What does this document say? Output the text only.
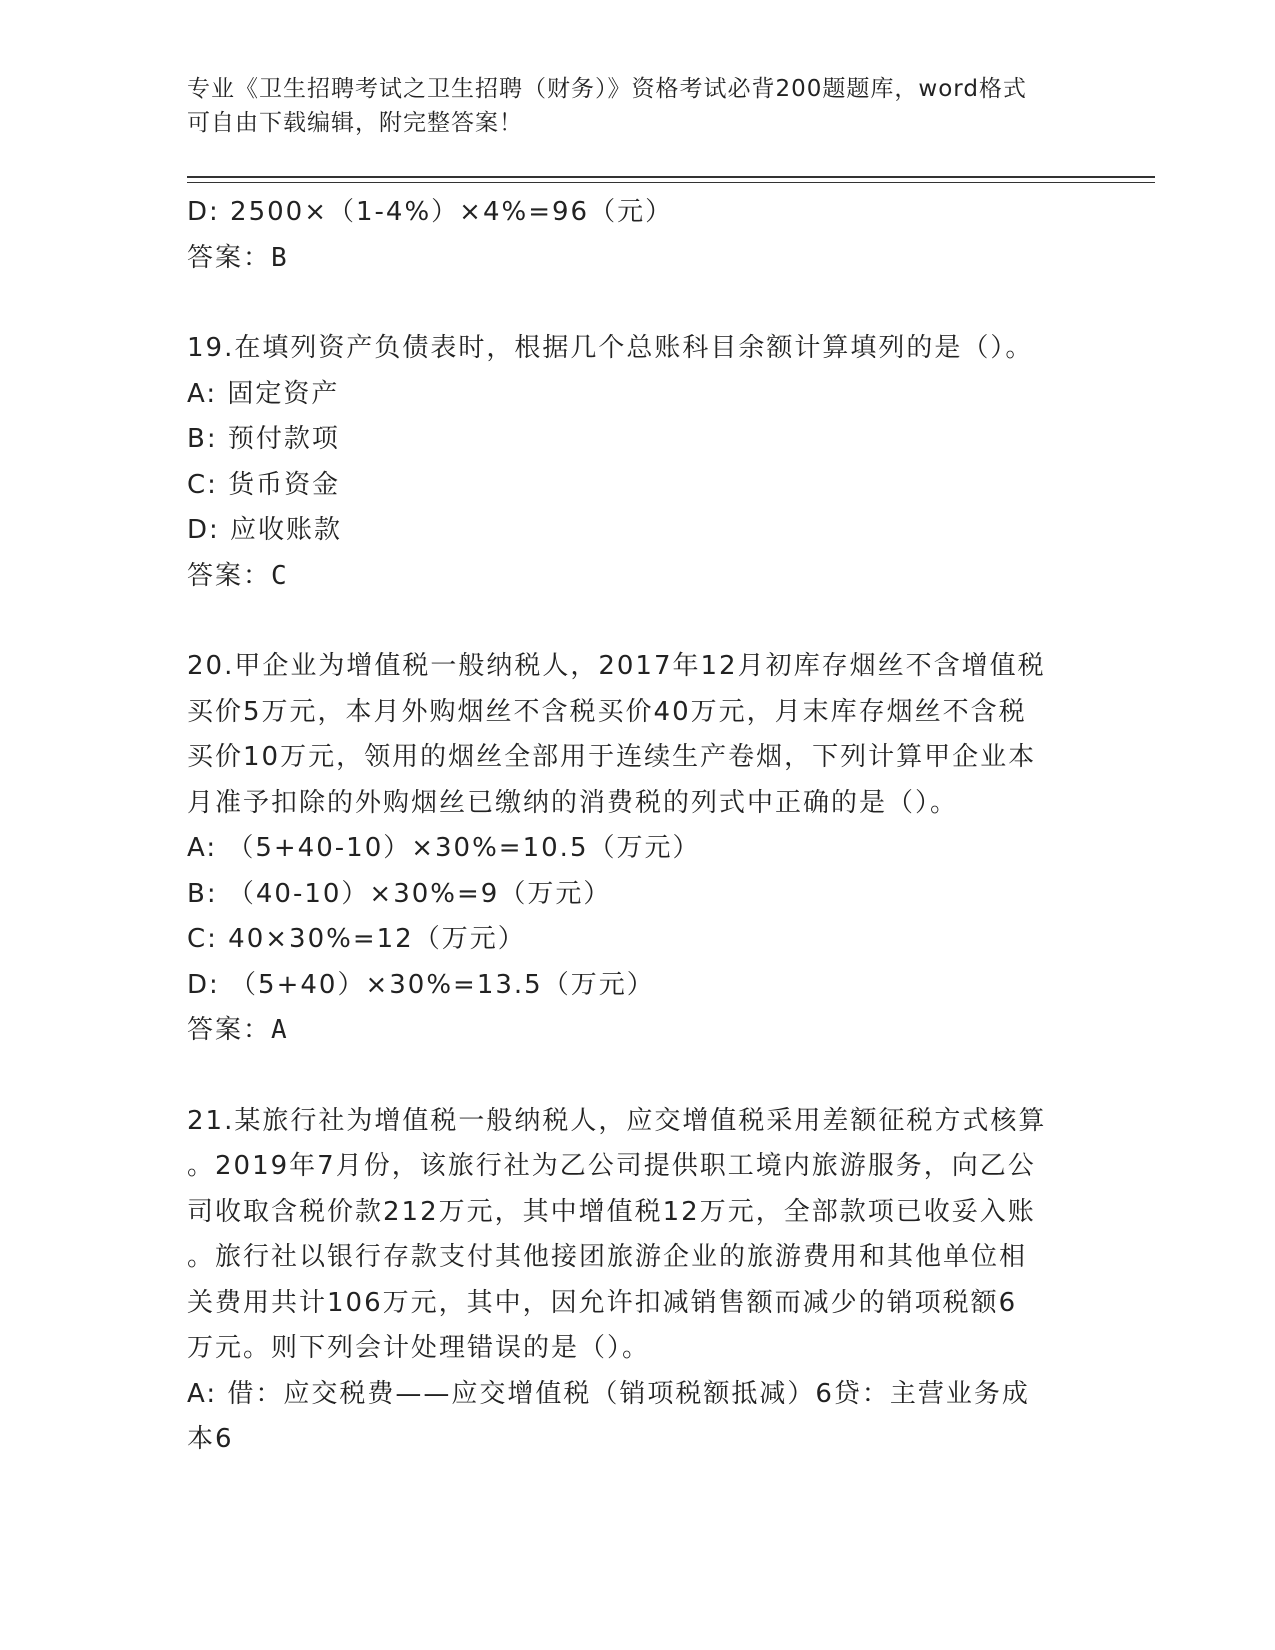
专业《卫生招聘考试之卫生招聘（财务）》资格考试必背200题题库，word格式
可自由下载编辑，附完整答案！
D: 2500×（1-4%）×4%=96（元）
答案：B
19.在填列资产负债表时，根据几个总账科目余额计算填列的是（）。
A: 固定资产
B: 预付款项
C: 货币资金
D: 应收账款
答案：C
20.甲企业为增值税一般纳税人，2017年12月初库存烟丝不含增值税
买价5万元，本月外购烟丝不含税买价40万元，月末库存烟丝不含税
买价10万元，领用的烟丝全部用于连续生产卷烟，下列计算甲企业本
月准予扣除的外购烟丝已缴纳的消费税的列式中正确的是（）。
A: （5+40-10）×30%=10.5（万元）
B: （40-10）×30%=9（万元）
C: 40×30%=12（万元）
D: （5+40）×30%=13.5（万元）
答案：A
21.某旅行社为增值税一般纳税人，应交增值税采用差额征税方式核算
。2019年7月份，该旅行社为乙公司提供职工境内旅游服务，向乙公
司收取含税价款212万元，其中增值税12万元，全部款项已收妥入账
。旅行社以银行存款支付其他接团旅游企业的旅游费用和其他单位相
关费用共计106万元，其中，因允许扣减销售额而减少的销项税额6
万元。则下列会计处理错误的是（）。
A: 借：应交税费——应交增值税（销项税额抵减）6贷：主营业务成
本6
